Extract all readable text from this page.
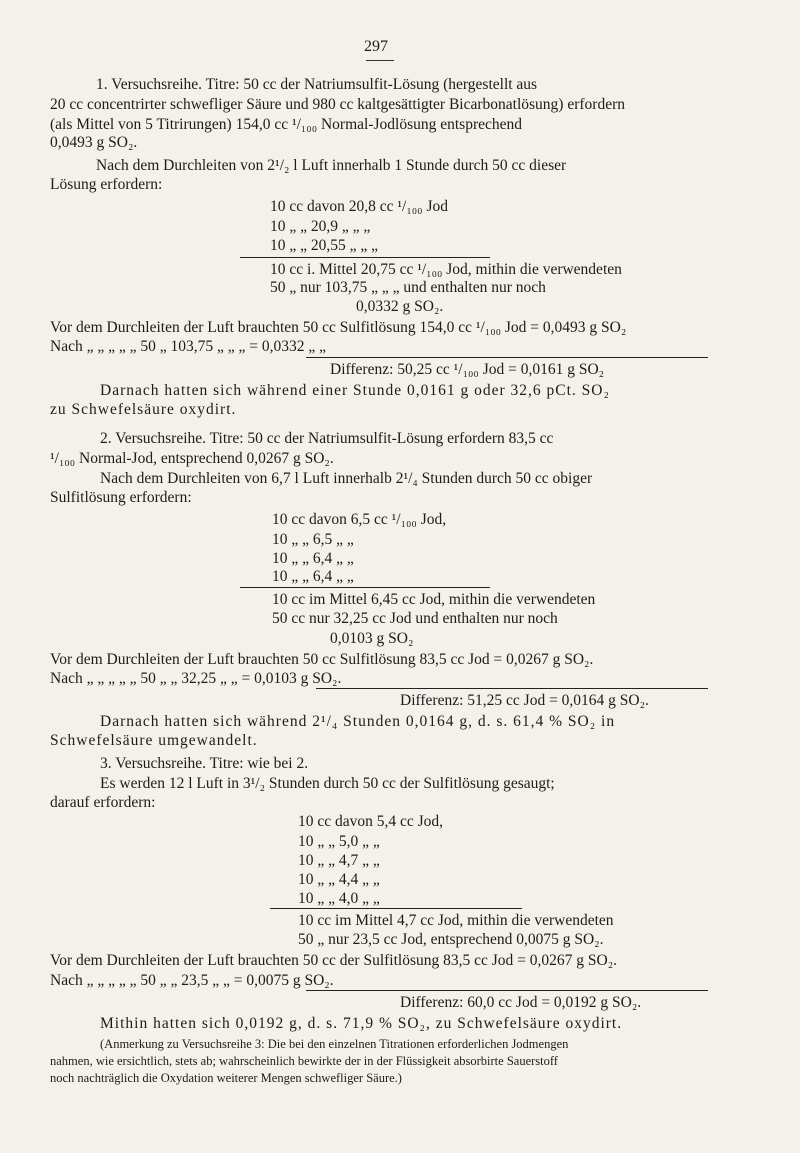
297
1. Versuchsreihe. Titre: 50 cc der Natriumsulfit-Lösung (hergestellt aus
20 cc concentrirter schwefliger Säure und 980 cc kaltgesättigter Bicarbonatlösung) erfordern
(als Mittel von 5 Titrirungen) 154,0 cc ¹/₁₀₀ Normal-Jodlösung entsprechend
0,0493 g SO₂.
Nach dem Durchleiten von 2¹/₂ l Luft innerhalb 1 Stunde durch 50 cc dieser
Lösung erfordern:
10 cc davon 20,8 cc ¹/₁₀₀ Jod
10 „ „ 20,9 „ „ „
10 „ „ 20,55 „ „ „
10 cc i. Mittel 20,75 cc ¹/₁₀₀ Jod, mithin die verwendeten
50 „ nur 103,75 „ „ „ und enthalten nur noch
0,0332 g SO₂.
Vor dem Durchleiten der Luft brauchten 50 cc Sulfitlösung 154,0 cc ¹/₁₀₀ Jod = 0,0493 g SO₂
Nach „ „ „ „ „ 50 „ 103,75 „ „ „ = 0,0332 „ „
Differenz: 50,25 cc ¹/₁₀₀ Jod = 0,0161 g SO₂
Darnach hatten sich während einer Stunde 0,0161 g oder 32,6 pCt. SO₂
zu Schwefelsäure oxydirt.
2. Versuchsreihe. Titre: 50 cc der Natriumsulfit-Lösung erfordern 83,5 cc
¹/₁₀₀ Normal-Jod, entsprechend 0,0267 g SO₂.
Nach dem Durchleiten von 6,7 l Luft innerhalb 2¹/₄ Stunden durch 50 cc obiger
Sulfitlösung erfordern:
10 cc davon 6,5 cc ¹/₁₀₀ Jod,
10 „ „ 6,5 „ „
10 „ „ 6,4 „ „
10 „ „ 6,4 „ „
10 cc im Mittel 6,45 cc Jod, mithin die verwendeten
50 cc nur 32,25 cc Jod und enthalten nur noch
0,0103 g SO₂
Vor dem Durchleiten der Luft brauchten 50 cc Sulfitlösung 83,5 cc Jod = 0,0267 g SO₂.
Nach „ „ „ „ „ 50 „ „ 32,25 „ „ = 0,0103 g SO₂.
Differenz: 51,25 cc Jod = 0,0164 g SO₂.
Darnach hatten sich während 2¹/₄ Stunden 0,0164 g, d. s. 61,4 % SO₂ in
Schwefelsäure umgewandelt.
3. Versuchsreihe. Titre: wie bei 2.
Es werden 12 l Luft in 3¹/₂ Stunden durch 50 cc der Sulfitlösung gesaugt;
darauf erfordern:
10 cc davon 5,4 cc Jod,
10 „ „ 5,0 „ „
10 „ „ 4,7 „ „
10 „ „ 4,4 „ „
10 „ „ 4,0 „ „
10 cc im Mittel 4,7 cc Jod, mithin die verwendeten
50 „ nur 23,5 cc Jod, entsprechend 0,0075 g SO₂.
Vor dem Durchleiten der Luft brauchten 50 cc der Sulfitlösung 83,5 cc Jod = 0,0267 g SO₂.
Nach „ „ „ „ „ 50 „ „ 23,5 „ „ = 0,0075 g SO₂.
Differenz: 60,0 cc Jod = 0,0192 g SO₂.
Mithin hatten sich 0,0192 g, d. s. 71,9 % SO₂, zu Schwefelsäure oxydirt.
(Anmerkung zu Versuchsreihe 3: Die bei den einzelnen Titrationen erforderlichen Jodmengen
nahmen, wie ersichtlich, stets ab; wahrscheinlich bewirkte der in der Flüssigkeit absorbirte Sauerstoff
noch nachträglich die Oxydation weiterer Mengen schwefliger Säure.)
